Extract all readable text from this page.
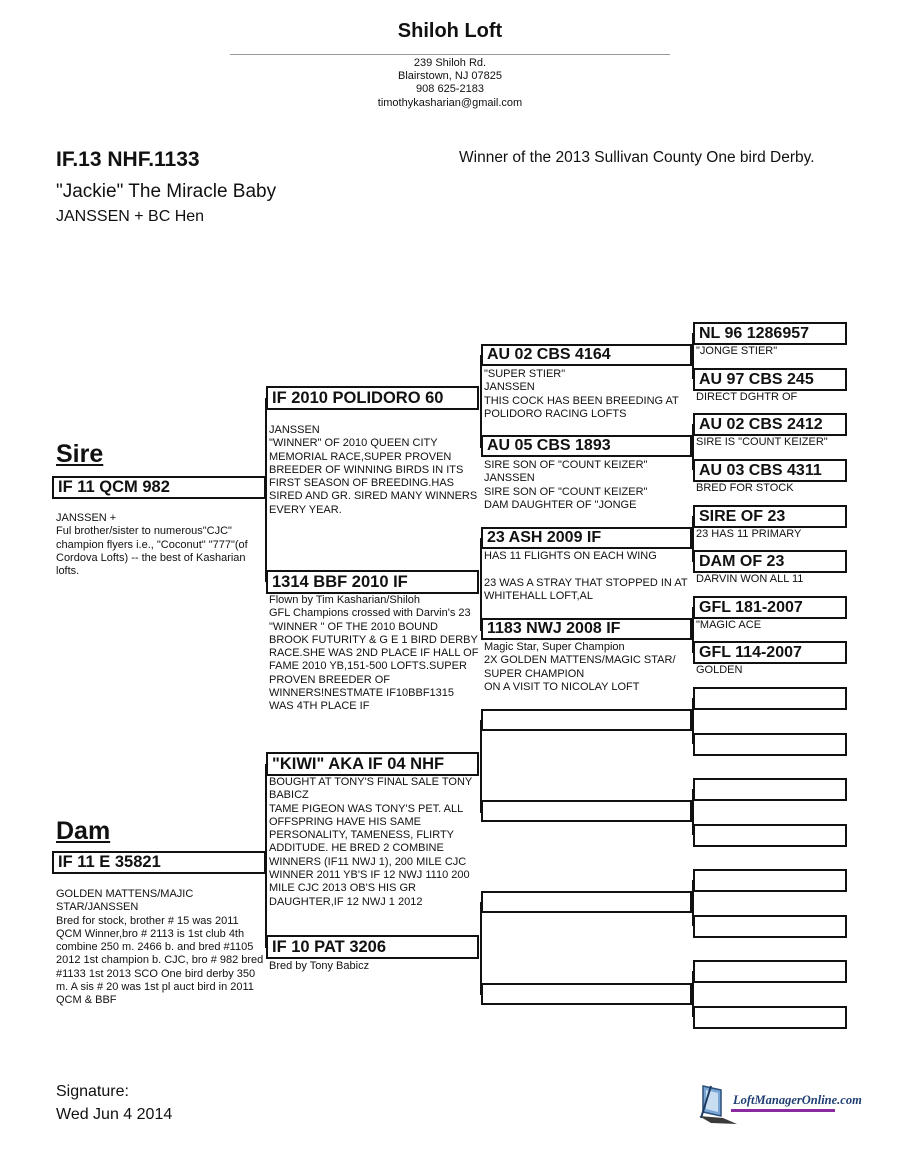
Shiloh Loft
239 Shiloh Rd.
Blairstown, NJ 07825
908 625-2183
timothykasharian@gmail.com
IF.13 NHF.1133
"Jackie" The Miracle Baby
JANSSEN + BC Hen
Winner of the 2013 Sullivan County One bird Derby.
Sire
IF 11 QCM 982
JANSSEN +
Ful brother/sister to numerous"CJC" champion flyers i.e., "Coconut" "777"(of Cordova Lofts) -- the best of Kasharian lofts.
Dam
IF 11 E 35821
GOLDEN MATTENS/MAJIC STAR/JANSSEN
Bred for stock, brother # 15 was 2011 QCM Winner,bro # 2113 is 1st club 4th combine 250 m. 2466 b. and bred #1105 2012 1st champion b. CJC, bro # 982 bred #1133 1st 2013 SCO One bird derby 350 m. A sis # 20 was 1st pl auct bird in 2011 QCM & BBF
IF 2010 POLIDORO 60
JANSSEN
"WINNER" OF 2010 QUEEN CITY MEMORIAL RACE,SUPER PROVEN BREEDER OF WINNING BIRDS IN ITS FIRST SEASON OF BREEDING.HAS SIRED AND GR. SIRED MANY WINNERS EVERY YEAR.
1314 BBF 2010 IF
Flown by Tim Kasharian/Shiloh
GFL Champions crossed with Darvin's 23
"WINNER " OF THE 2010 BOUND BROOK FUTURITY & G E 1 BIRD DERBY RACE.SHE WAS 2ND PLACE IF HALL OF FAME 2010 YB,151-500 LOFTS.SUPER PROVEN BREEDER OF WINNERS!NESTMATE IF10BBF1315 WAS 4TH PLACE IF
"KIWI" AKA IF 04 NHF
BOUGHT AT TONY'S FINAL SALE TONY BABICZ
TAME PIGEON WAS TONY'S PET. ALL OFFSPRING HAVE HIS SAME PERSONALITY, TAMENESS, FLIRTY ADDITUDE. HE BRED 2 COMBINE WINNERS (IF11 NWJ 1), 200 MILE CJC WINNER 2011 YB'S IF 12 NWJ 1110 200 MILE CJC 2013 OB'S HIS GR DAUGHTER,IF 12 NWJ 1 2012
IF 10 PAT 3206
Bred by Tony Babicz
AU 02 CBS 4164
"SUPER STIER"
JANSSEN
THIS COCK HAS BEEN BREEDING AT POLIDORO RACING LOFTS
AU 05 CBS 1893
SIRE SON OF "COUNT KEIZER"
JANSSEN
SIRE SON OF "COUNT KEIZER"
DAM DAUGHTER OF "JONGE
23 ASH 2009 IF
HAS 11 FLIGHTS ON EACH WING

23 WAS A STRAY THAT STOPPED IN AT WHITEHALL LOFT,AL
1183 NWJ 2008 IF
Magic Star, Super Champion
2X GOLDEN MATTENS/MAGIC STAR/ SUPER CHAMPION
ON A VISIT TO NICOLAY LOFT
NL 96 1286957
"JONGE STIER"
AU 97 CBS 245
DIRECT DGHTR OF
AU 02 CBS 2412
SIRE IS "COUNT KEIZER"
AU 03 CBS 4311
BRED FOR STOCK
SIRE OF 23
23 HAS 11 PRIMARY
DAM OF 23
DARVIN WON ALL 11
GFL 181-2007
"MAGIC ACE
GFL 114-2007
GOLDEN
Signature:
Wed Jun 4 2014
LoftManagerOnline.com
